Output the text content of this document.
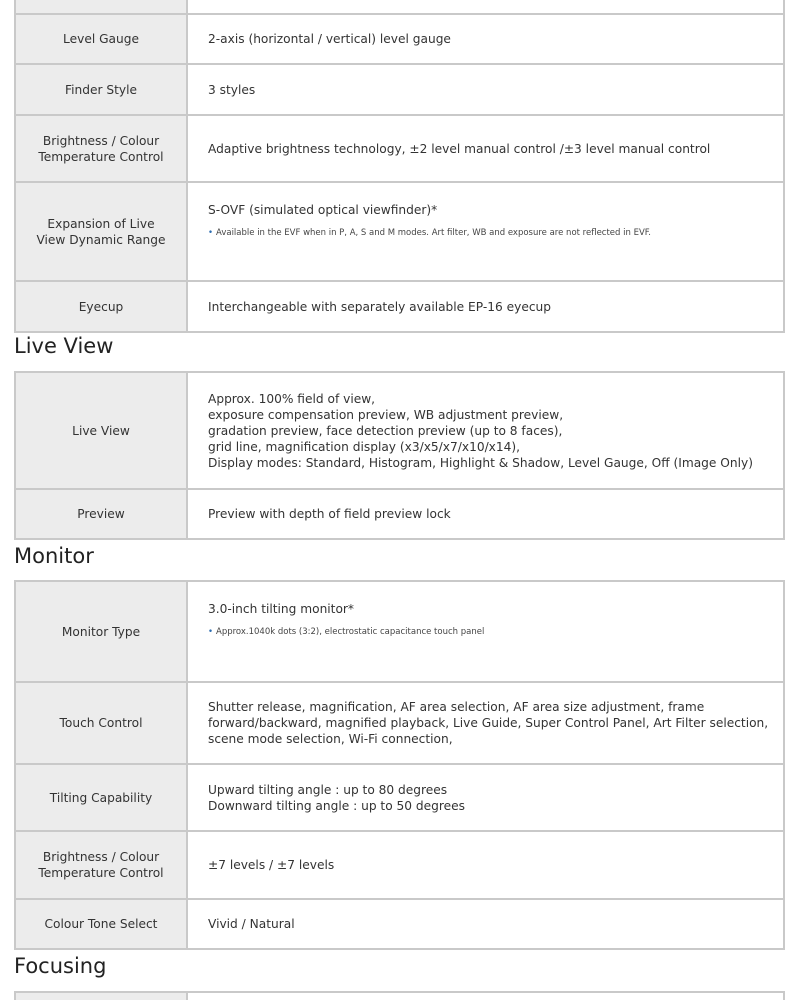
Level Gauge	2-axis (horizontal / vertical) level gauge
Finder Style	3 styles

Brightness / Colour
Temperature Control	Adaptive brightness technology, ±2 level manual control /±3 level manual control

Expansion of Live
View Dynamic Range	S-OVF (simulated optical viewfinder)*
• Available in the EVF when in P, A, S and M modes. Art filter, WB and exposure are not reflected in EVF.

Eyecup	Interchangeable with separately available EP-16 eyecup
Live View
Live View	Approx. 100% field of view,
exposure compensation preview, WB adjustment preview,
gradation preview, face detection preview (up to 8 faces),
grid line, magnification display (x3/x5/x7/x10/x14),
Display modes: Standard, Histogram, Highlight & Shadow, Level Gauge, Off (Image Only)

Preview	Preview with depth of field preview lock
Monitor
Monitor Type	3.0-inch tilting monitor*
• Approx.1040k dots (3:2), electrostatic capacitance touch panel

Touch Control	Shutter release, magnification, AF area selection, AF area size adjustment, frame
forward/backward, magnified playback, Live Guide, Super Control Panel, Art Filter selection,
scene mode selection, Wi-Fi connection,

Tilting Capability	Upward tilting angle : up to 80 degrees
Downward tilting angle : up to 50 degrees

Brightness / Colour
Temperature Control	±7 levels / ±7 levels
Colour Tone Select	Vivid / Natural
Focusing
